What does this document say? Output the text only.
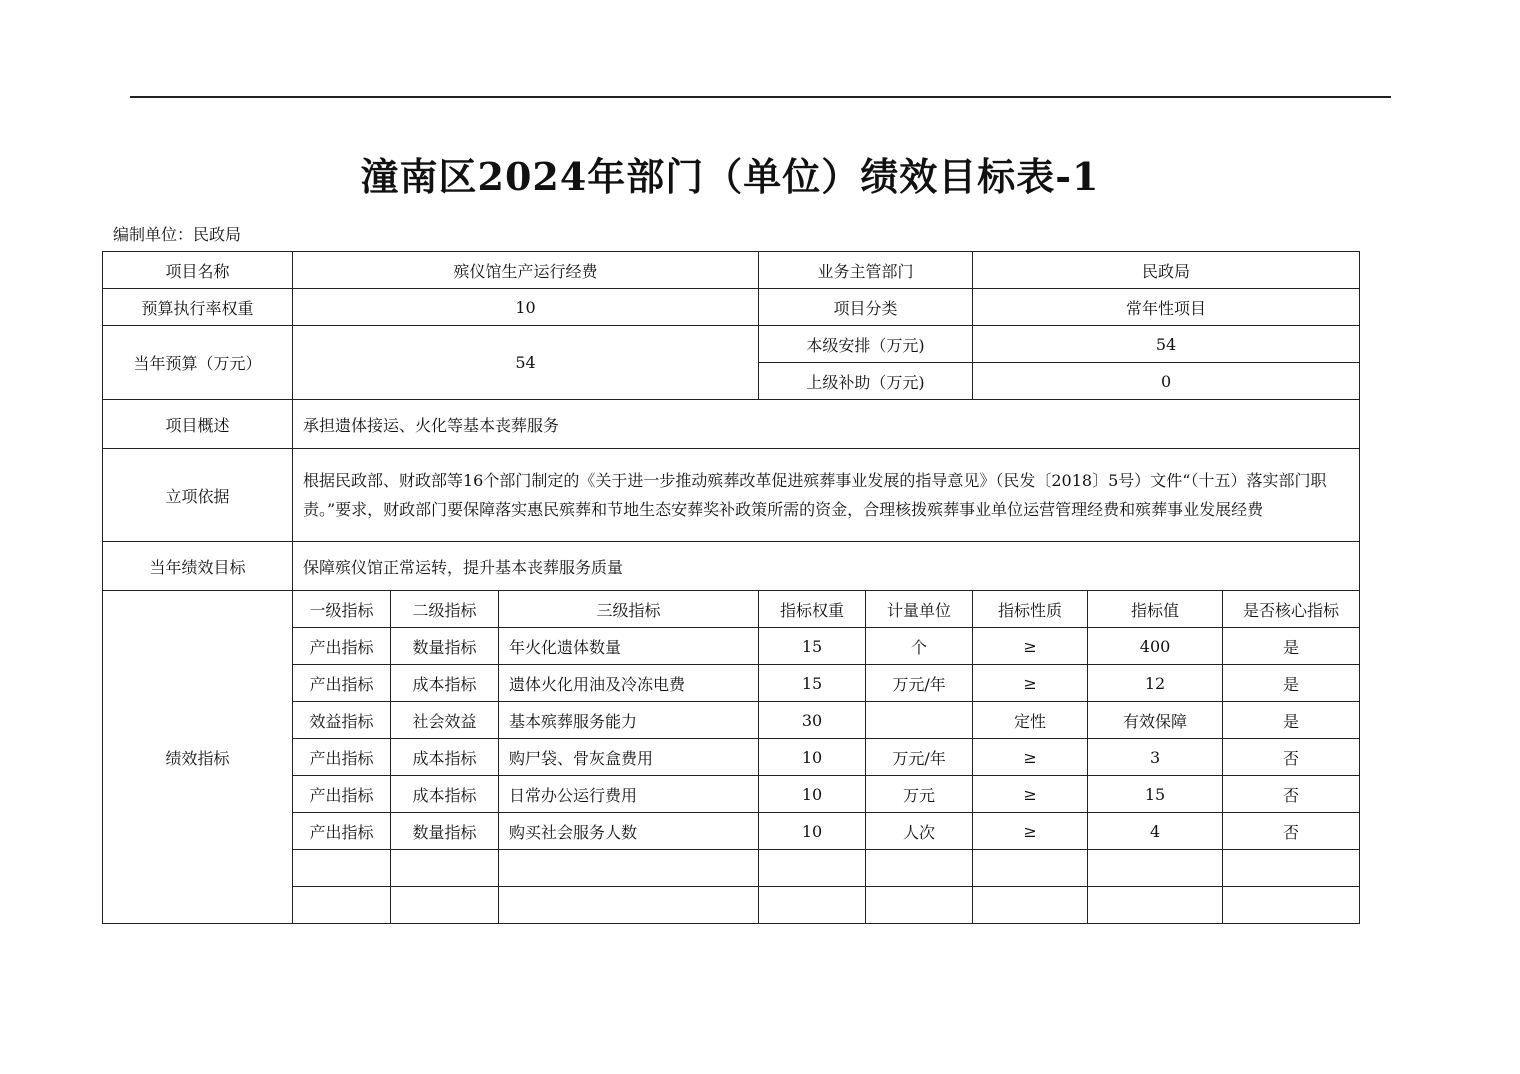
潼南区2024年部门（单位）绩效目标表-1
编制单位：民政局
项目名称	殡仪馆生产运行经费			业务主管部门		民政局		
预算执行率权重	10			项目分类		常年性项目		
当年预算（万元）	54			本级安排（万元)		54		
				上级补助（万元)		0		
项目概述	承担遗体接运、火化等基本丧葬服务							
立项依据	根据民政部、财政部等16个部门制定的《关于进一步推动殡葬改革促进殡葬事业发展的指导意见》（民发〔2018〕5号）文件“（十五）落实部门职责。”要求，财政部门要保障落实惠民殡葬和节地生态安葬奖补政策所需的资金，合理核拨殡葬事业单位运营管理经费和殡葬事业发展经费							
当年绩效目标	保障殡仪馆正常运转，提升基本丧葬服务质量							
绩效指标	一级指标	二级指标	三级指标	指标权重	计量单位	指标性质	指标值	是否核心指标
	产出指标	数量指标	年火化遗体数量	15	个	≥	400	是
	产出指标	成本指标	遗体火化用油及冷冻电费	15	万元/年	≥	12	是
	效益指标	社会效益	基本殡葬服务能力	30		定性	有效保障	是
	产出指标	成本指标	购尸袋、骨灰盒费用	10	万元/年	≥	3	否
	产出指标	成本指标	日常办公运行费用	10	万元	≥	15	否
	产出指标	数量指标	购买社会服务人数	10	人次	≥	4	否
